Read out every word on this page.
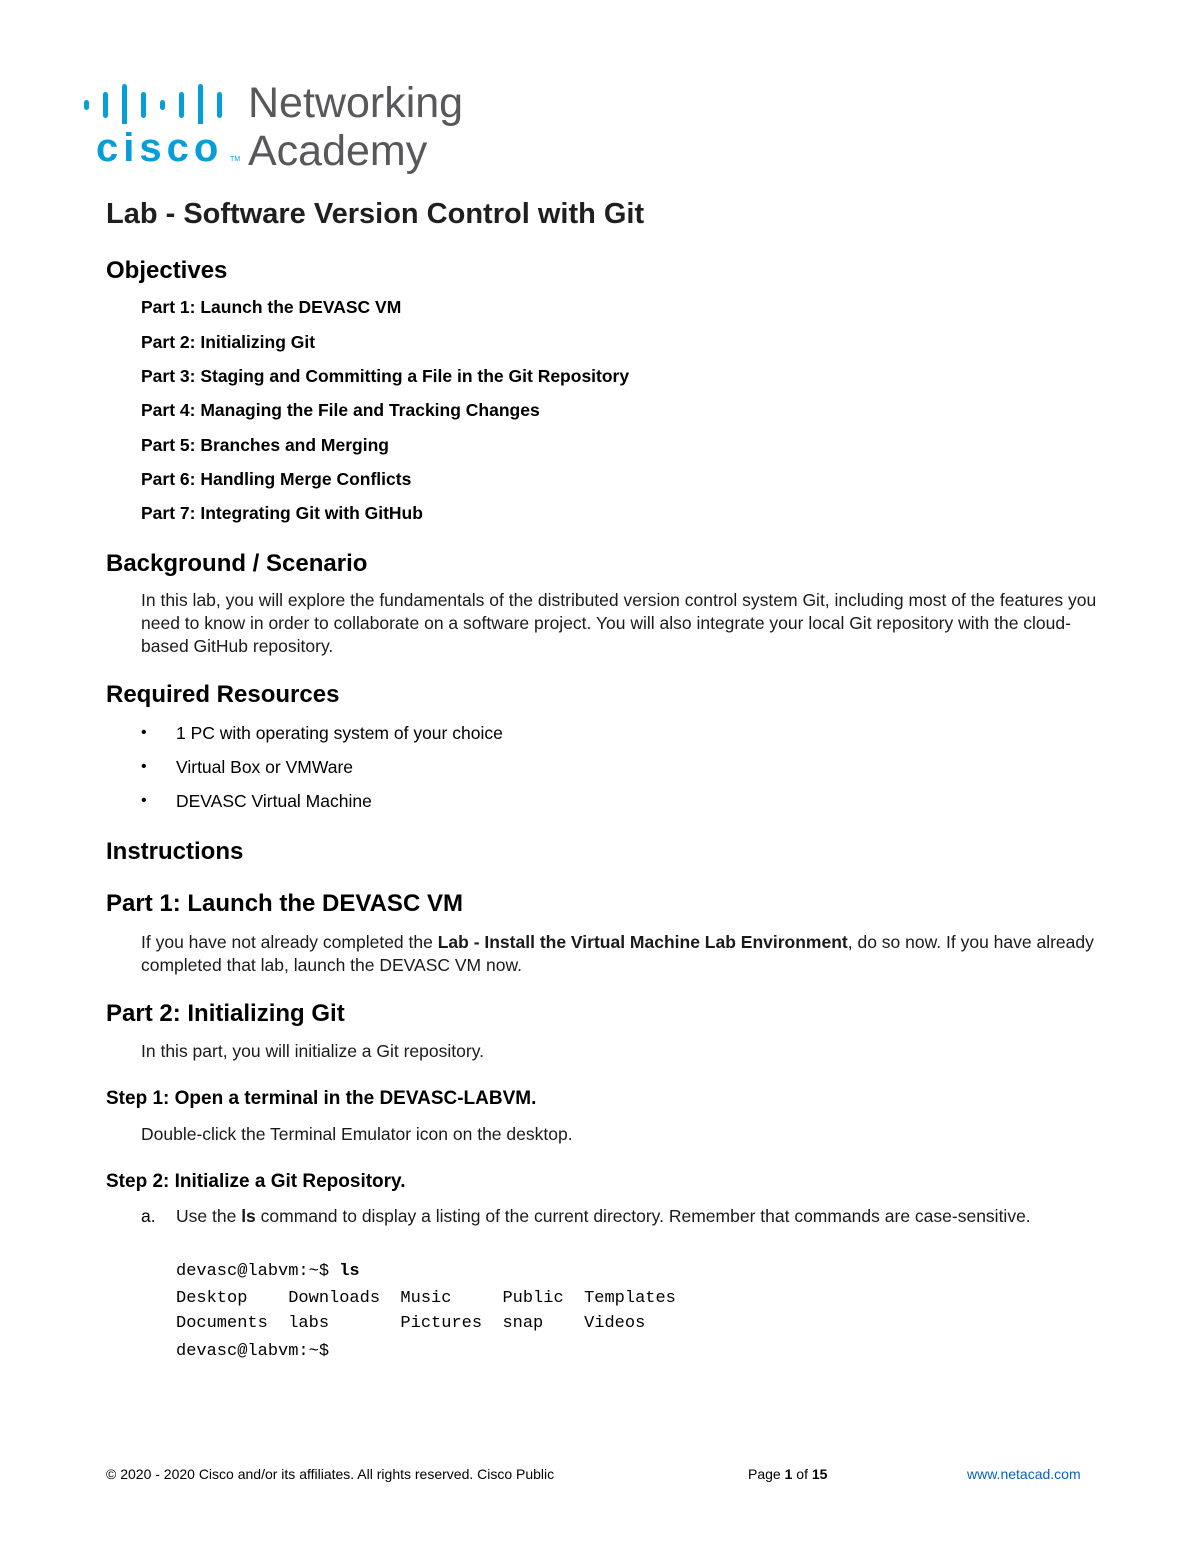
cisco TM
Networking
Academy
Lab - Software Version Control with Git
Objectives
Part 1: Launch the DEVASC VM
Part 2: Initializing Git
Part 3: Staging and Committing a File in the Git Repository
Part 4: Managing the File and Tracking Changes
Part 5: Branches and Merging
Part 6: Handling Merge Conflicts
Part 7: Integrating Git with GitHub
Background / Scenario
In this lab, you will explore the fundamentals of the distributed version control system Git, including most of the features you need to know in order to collaborate on a software project. You will also integrate your local Git repository with the cloud-based GitHub repository.
Required Resources
•	1 PC with operating system of your choice
•	Virtual Box or VMWare
•	DEVASC Virtual Machine
Instructions
Part 1: Launch the DEVASC VM
If you have not already completed the Lab - Install the Virtual Machine Lab Environment, do so now. If you have already completed that lab, launch the DEVASC VM now.
Part 2: Initializing Git
In this part, you will initialize a Git repository.
Step 1: Open a terminal in the DEVASC-LABVM.
Double-click the Terminal Emulator icon on the desktop.
Step 2: Initialize a Git Repository.
a. Use the ls command to display a listing of the current directory. Remember that commands are case-sensitive.
devasc@labvm:~$ ls
Desktop    Downloads  Music     Public  Templates
Documents  labs       Pictures  snap    Videos
devasc@labvm:~$
© 2020 - 2020 Cisco and/or its affiliates. All rights reserved. Cisco Public	Page 1 of 15	www.netacad.com
